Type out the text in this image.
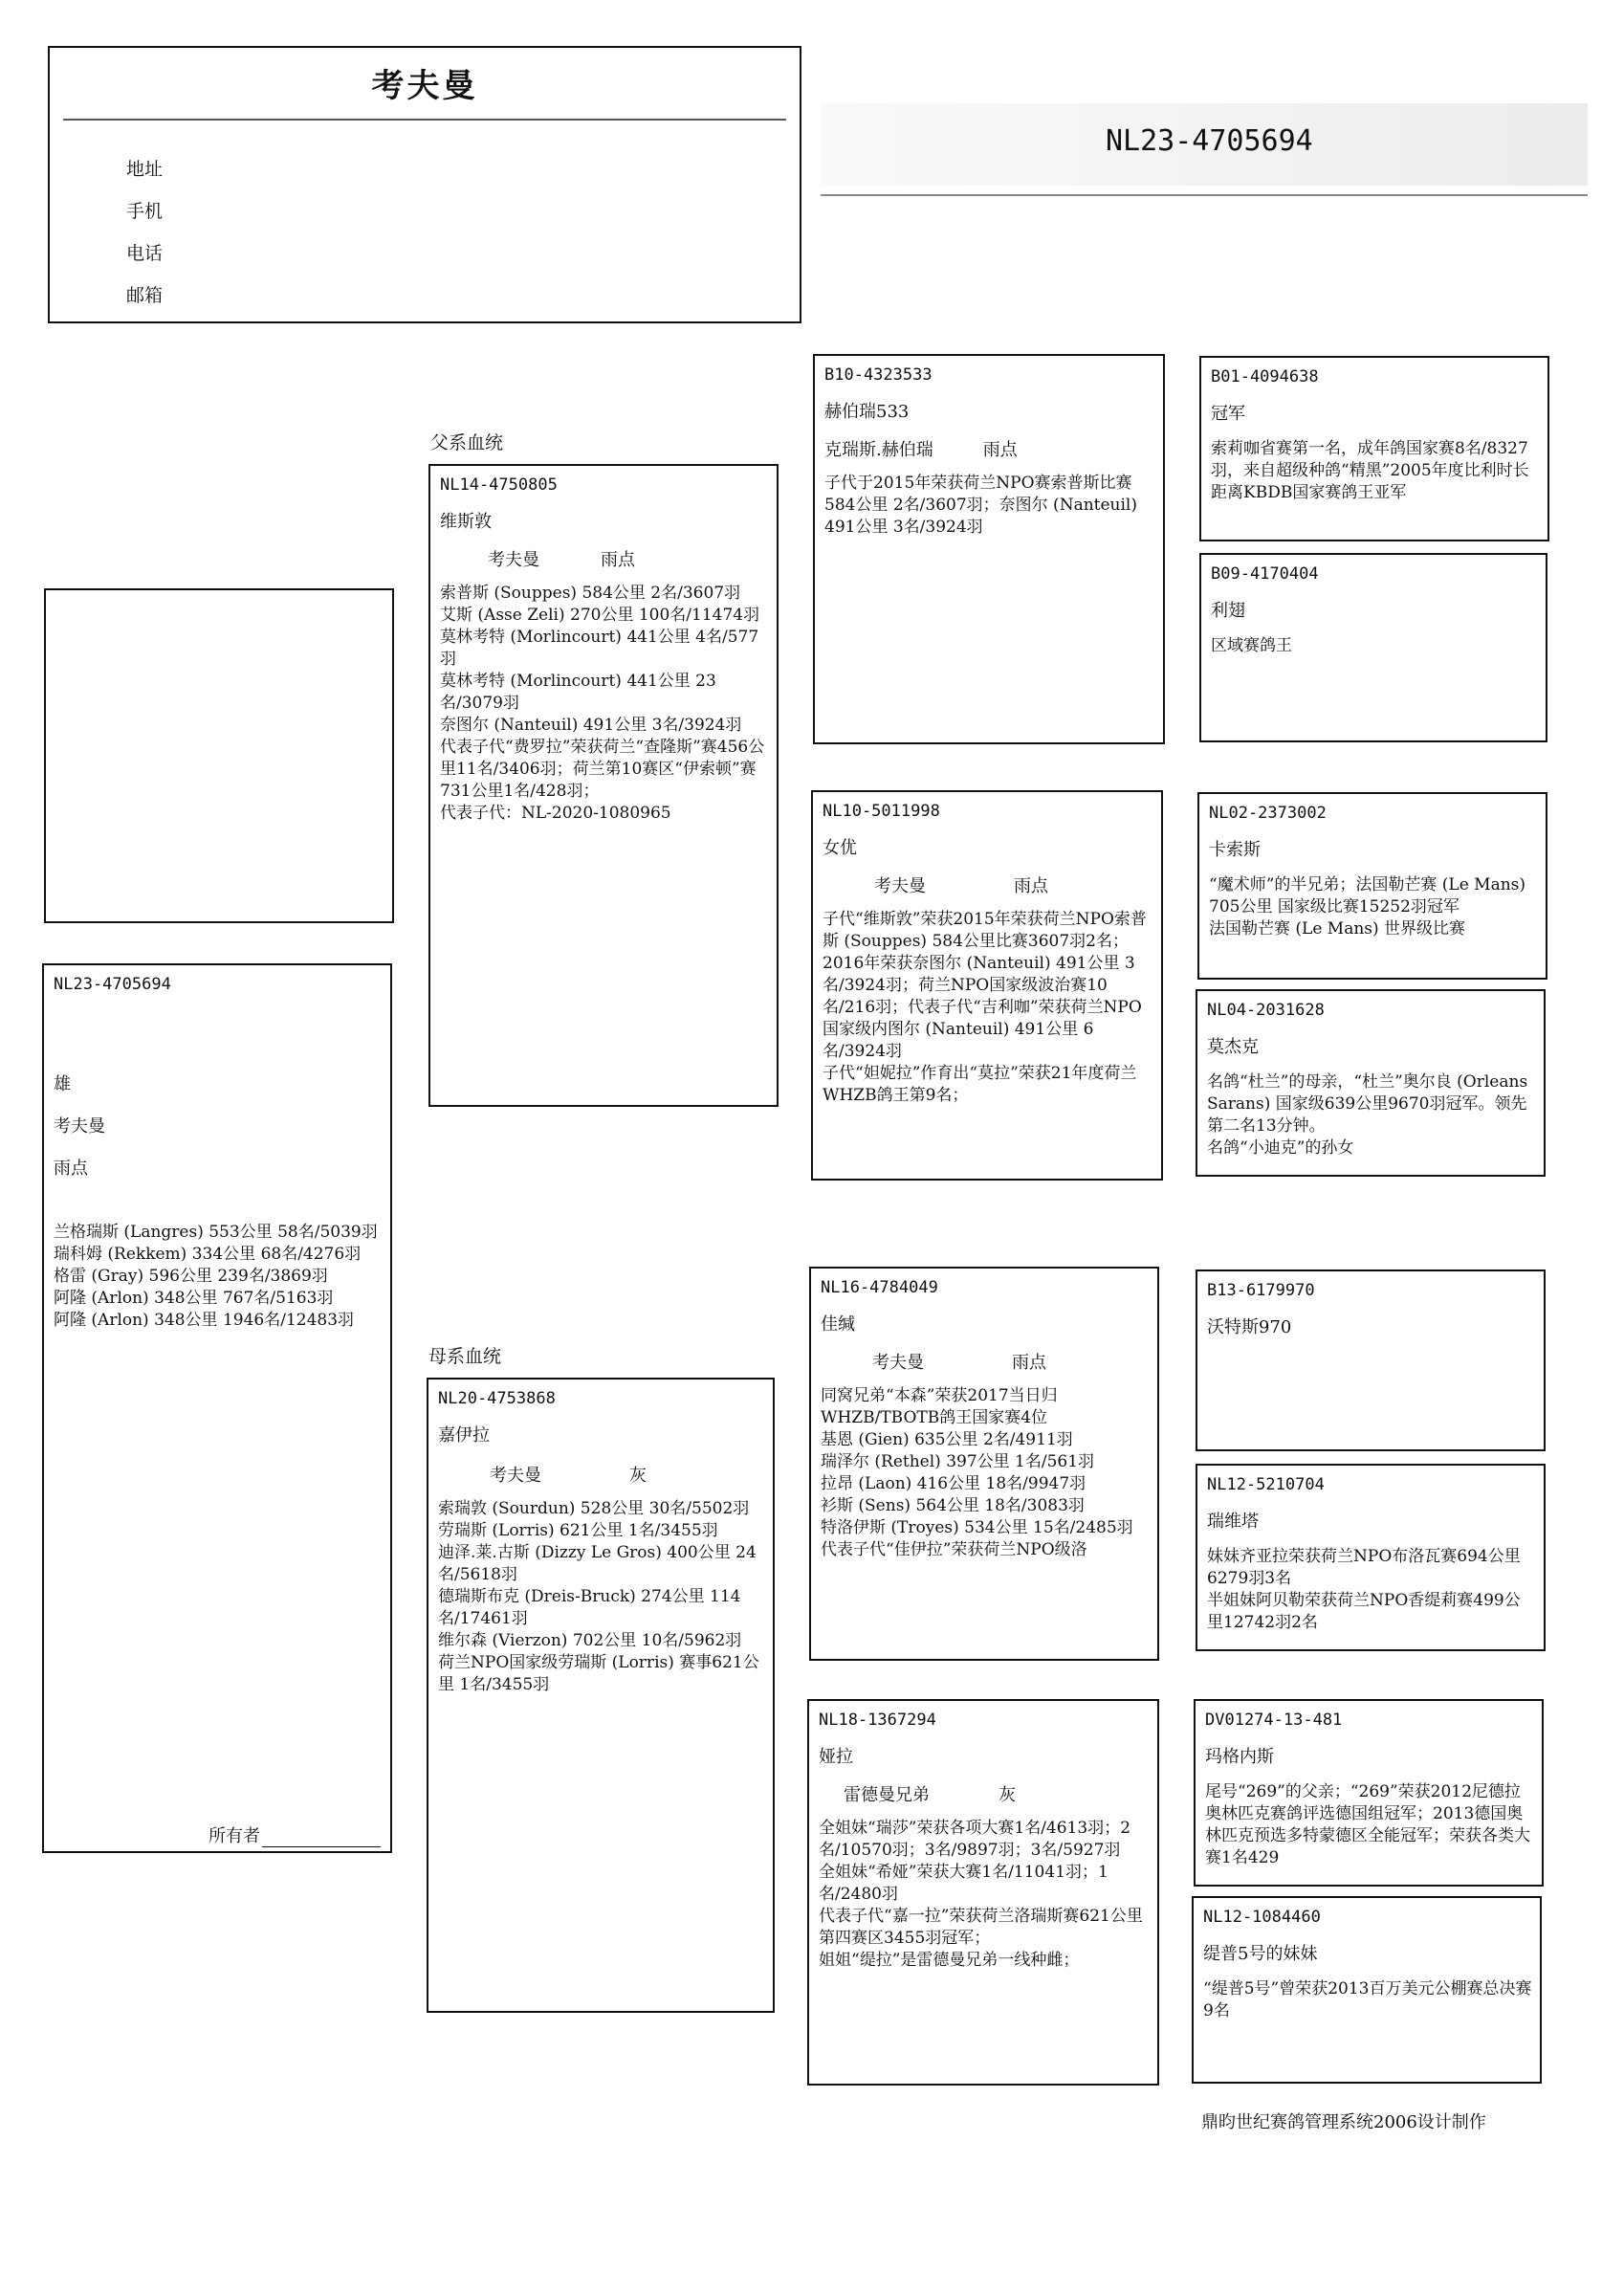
考夫曼
地址
手机
电话
邮箱
NL23-4705694
父系血统
母系血统
NL23-4705694
雄
考夫曼
雨点
兰格瑞斯 (Langres) 553公里 58名/5039羽
瑞科姆 (Rekkem) 334公里 68名/4276羽
格雷 (Gray) 596公里 239名/3869羽
阿隆 (Arlon) 348公里 767名/5163羽
阿隆 (Arlon) 348公里 1946名/12483羽
所有者
NL14-4750805
维斯敦
考夫曼	雨点
索普斯 (Souppes) 584公里 2名/3607羽
艾斯 (Asse Zeli) 270公里 100名/11474羽
莫林考特 (Morlincourt) 441公里 4名/577羽
莫林考特 (Morlincourt) 441公里 23名/3079羽
奈图尔 (Nanteuil) 491公里 3名/3924羽
代表子代“费罗拉”荣获荷兰“查隆斯”赛456公里11名/3406羽；荷兰第10赛区“伊索顿”赛731公里1名/428羽；
代表子代：NL-2020-1080965
NL20-4753868
嘉伊拉
考夫曼	灰
索瑞敦 (Sourdun) 528公里 30名/5502羽
劳瑞斯 (Lorris) 621公里 1名/3455羽
迪泽.莱.古斯 (Dizzy Le Gros) 400公里 24名/5618羽
德瑞斯布克 (Dreis-Bruck) 274公里 114名/17461羽
维尔森 (Vierzon) 702公里 10名/5962羽
荷兰NPO国家级劳瑞斯 (Lorris) 赛事621公里 1名/3455羽
B10-4323533
赫伯瑞533
克瑞斯.赫伯瑞	雨点
子代于2015年荣获荷兰NPO赛索普斯比赛584公里 2名/3607羽；奈图尔 (Nanteuil) 491公里 3名/3924羽
NL10-5011998
女优
考夫曼	雨点
子代“维斯敦”荣获2015年荣获荷兰NPO索普斯 (Souppes) 584公里比赛3607羽2名；2016年荣获奈图尔 (Nanteuil) 491公里 3名/3924羽；荷兰NPO国家级波治赛10名/216羽；代表子代“吉利咖”荣获荷兰NPO国家级内图尔 (Nanteuil) 491公里 6名/3924羽
子代“妲妮拉”作育出“莫拉”荣获21年度荷兰WHZB鸽王第9名；
NL16-4784049
佳缄
考夫曼	雨点
同窝兄弟“本森”荣获2017当日归WHZB/TBOTB鸽王国家赛4位
基恩 (Gien) 635公里 2名/4911羽
瑞泽尔 (Rethel) 397公里 1名/561羽
拉昂 (Laon) 416公里 18名/9947羽
衫斯 (Sens) 564公里 18名/3083羽
特洛伊斯 (Troyes) 534公里 15名/2485羽
代表子代“佳伊拉”荣获荷兰NPO级洛
NL18-1367294
娅拉
雷德曼兄弟	灰
全姐妹“瑞莎”荣获各项大赛1名/4613羽；2名/10570羽；3名/9897羽；3名/5927羽
全姐妹“希娅”荣获大赛1名/11041羽；1名/2480羽
代表子代“嘉一拉”荣获荷兰洛瑞斯赛621公里第四赛区3455羽冠军；
姐姐“缇拉”是雷德曼兄弟一线种雌；
B01-4094638
冠军
索莉咖省赛第一名，成年鸽国家赛8名/8327羽，来自超级种鸽“精黑”2005年度比利时长距离KBDB国家赛鸽王亚军
B09-4170404
利翅
区域赛鸽王
NL02-2373002
卡索斯
“魔术师”的半兄弟；法国勒芒赛 (Le Mans) 705公里 国家级比赛15252羽冠军
法国勒芒赛 (Le Mans) 世界级比赛
NL04-2031628
莫杰克
名鸽“杜兰”的母亲，“杜兰”奥尔良 (Orleans Sarans) 国家级639公里9670羽冠军。领先第二名13分钟。
名鸽“小迪克”的孙女
B13-6179970
沃特斯970
NL12-5210704
瑞维塔
妹妹齐亚拉荣获荷兰NPO布洛瓦赛694公里6279羽3名
半姐妹阿贝勒荣获荷兰NPO香缇莉赛499公里12742羽2名
DV01274-13-481
玛格内斯
尾号“269”的父亲；“269”荣获2012尼德拉奥林匹克赛鸽评选德国组冠军；2013德国奥林匹克预选多特蒙德区全能冠军；荣获各类大赛1名429
NL12-1084460
缇普5号的妹妹
“缇普5号”曾荣获2013百万美元公棚赛总决赛9名
鼎昀世纪赛鸽管理系统2006设计制作
